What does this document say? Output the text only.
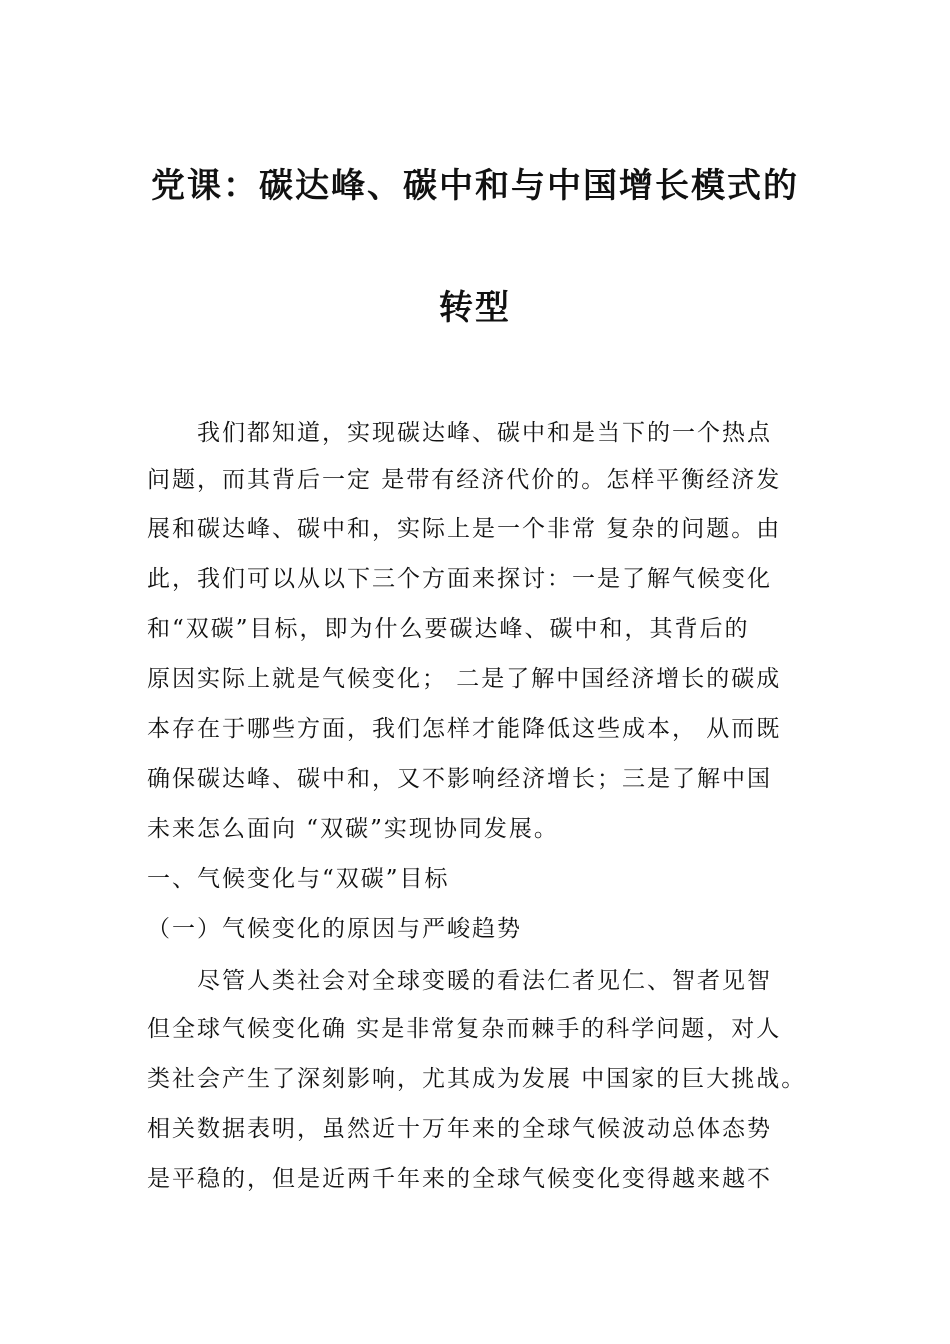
党课：碳达峰、碳中和与中国增长模式的
转型
　　我们都知道，实现碳达峰、碳中和是当下的一个热点
问题，而其背后一定 是带有经济代价的。怎样平衡经济发
展和碳达峰、碳中和，实际上是一个非常 复杂的问题。由
此，我们可以从以下三个方面来探讨：一是了解气候变化
和“双碳”目标，即为什么要碳达峰、碳中和，其背后的
原因实际上就是气候变化； 二是了解中国经济增长的碳成
本存在于哪些方面，我们怎样才能降低这些成本， 从而既
确保碳达峰、碳中和，又不影响经济增长；三是了解中国
未来怎么面向 “双碳”实现协同发展。
一、气候变化与“双碳”目标
（一）气候变化的原因与严峻趋势
　　尽管人类社会对全球变暖的看法仁者见仁、智者见智
但全球气候变化确 实是非常复杂而棘手的科学问题，对人
类社会产生了深刻影响，尤其成为发展 中国家的巨大挑战。
相关数据表明，虽然近十万年来的全球气候波动总体态势
是平稳的，但是近两千年来的全球气候变化变得越来越不
